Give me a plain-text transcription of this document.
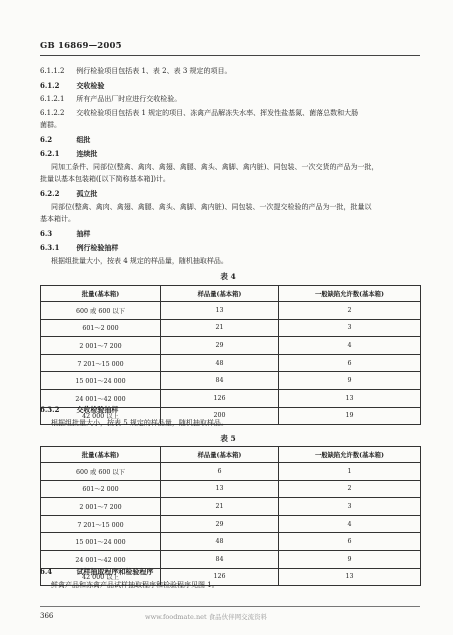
GB 16869—2005
6.1.1.2 例行检验项目包括表 1、表 2、表 3 规定的项目。
6.1.2 交收检验
6.1.2.1 所有产品出厂时应进行交收检验。
6.1.2.2 交收检验项目包括表 1 规定的项目、冻禽产品解冻失水率、挥发性盐基氮、菌落总数和大肠
菌群。
6.2	组批
6.2.1 连续批
同加工条件、同部位(整禽、禽肉、禽翅、禽腿、禽头、禽脚、禽内脏)、同包装、一次交货的产品为一批，
批量以基本包装箱([以下简称基本箱])计。
6.2.2 孤立批
同部位(整禽、禽肉、禽翅、禽腿、禽头、禽脚、禽内脏)、同包装、一次提交检验的产品为一批，批量以
基本箱计。
6.3	抽样
6.3.1 例行检验抽样
根据组批量大小，按表 4 规定的样品量，随机抽取样品。
表 4
批量(基本箱)	样品量(基本箱)	一般缺陷允许数(基本箱)
600 或 600 以下	13	2
601～2 000	21	3
2 001～7 200	29	4
7 201～15 000	48	6
15 001～24 000	84	9
24 001～42 000	126	13
42 000 以上	200	19
6.3.2 交收检验抽样
根据组批量大小，按表 5 规定的样品量，随机抽取样品。
表 5
批量(基本箱)	样品量(基本箱)	一般缺陷允许数(基本箱)
600 或 600 以下	6	1
601～2 000	13	2
2 001～7 200	21	3
7 201～15 000	29	4
15 001～24 000	48	6
24 001～42 000	84	9
42 000 以上	126	13
6.4	试样抽取程序和检验程序
鲜禽产品和冻禽产品试样抽取程序和检验程序见图 1。
366	www.foodmate.net 食品伙伴网交流资料
